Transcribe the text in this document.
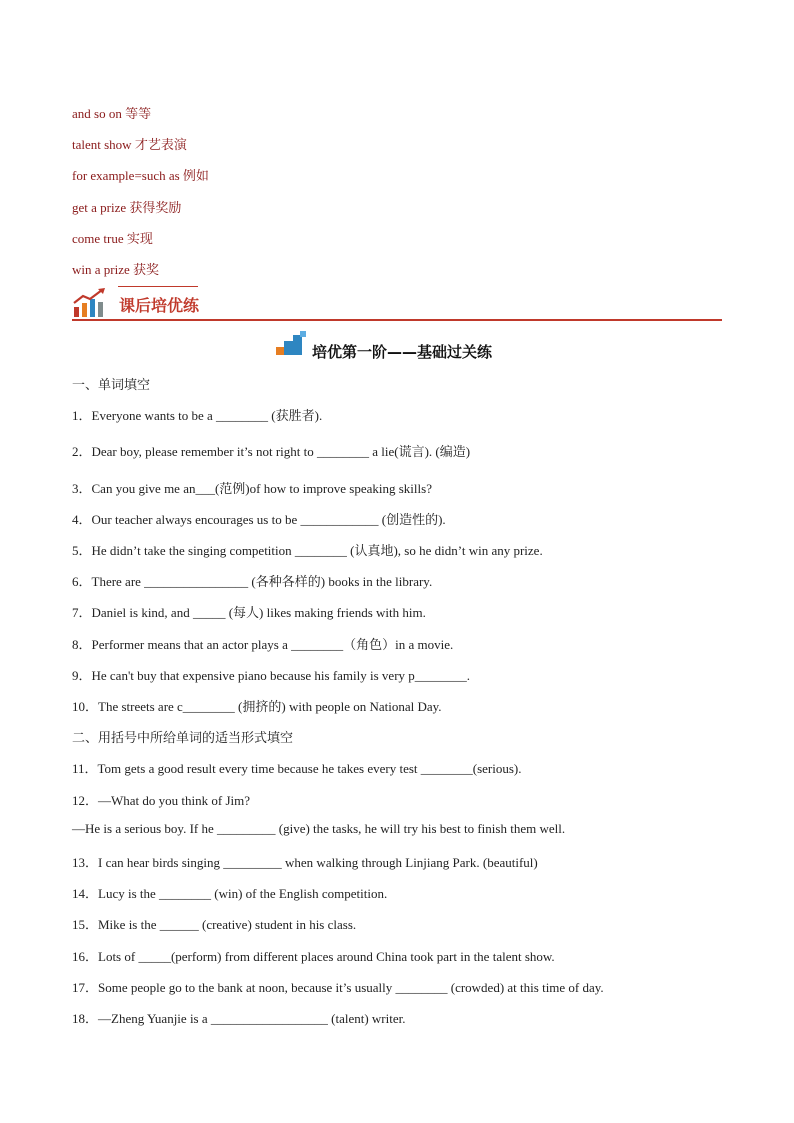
and so on 等等
talent show 才艺表演
for example=such as 例如
get a prize 获得奖励
come true 实现
win a prize 获奖
课后培优练
培优第一阶——基础过关练
一、单词填空
1．Everyone wants to be a ________ (获胜者).
2．Dear boy, please remember it’s not right to ________ a lie(谎言). (编造)
3．Can you give me an___(范例)of how to improve speaking skills?
4．Our teacher always encourages us to be ____________ (创造性的).
5．He didn’t take the singing competition ________ (认真地), so he didn’t win any prize.
6．There are ________________ (各种各样的) books in the library.
7．Daniel is kind, and _____ (每人) likes making friends with him.
8．Performer means that an actor plays a ________（角色）in a movie.
9．He can't buy that expensive piano because his family is very p________.
10．The streets are c________ (拥挤的) with people on National Day.
二、用括号中所给单词的适当形式填空
11．Tom gets a good result every time because he takes every test ________(serious).
12．—What do you think of Jim?
—He is a serious boy. If he _________ (give) the tasks, he will try his best to finish them well.
13．I can hear birds singing _________ when walking through Linjiang Park. (beautiful)
14．Lucy is the ________ (win) of the English competition.
15．Mike is the ______ (creative) student in his class.
16．Lots of _____(perform) from different places around China took part in the talent show.
17．Some people go to the bank at noon, because it’s usually ________ (crowded) at this time of day.
18．—Zheng Yuanjie is a __________________ (talent) writer.
